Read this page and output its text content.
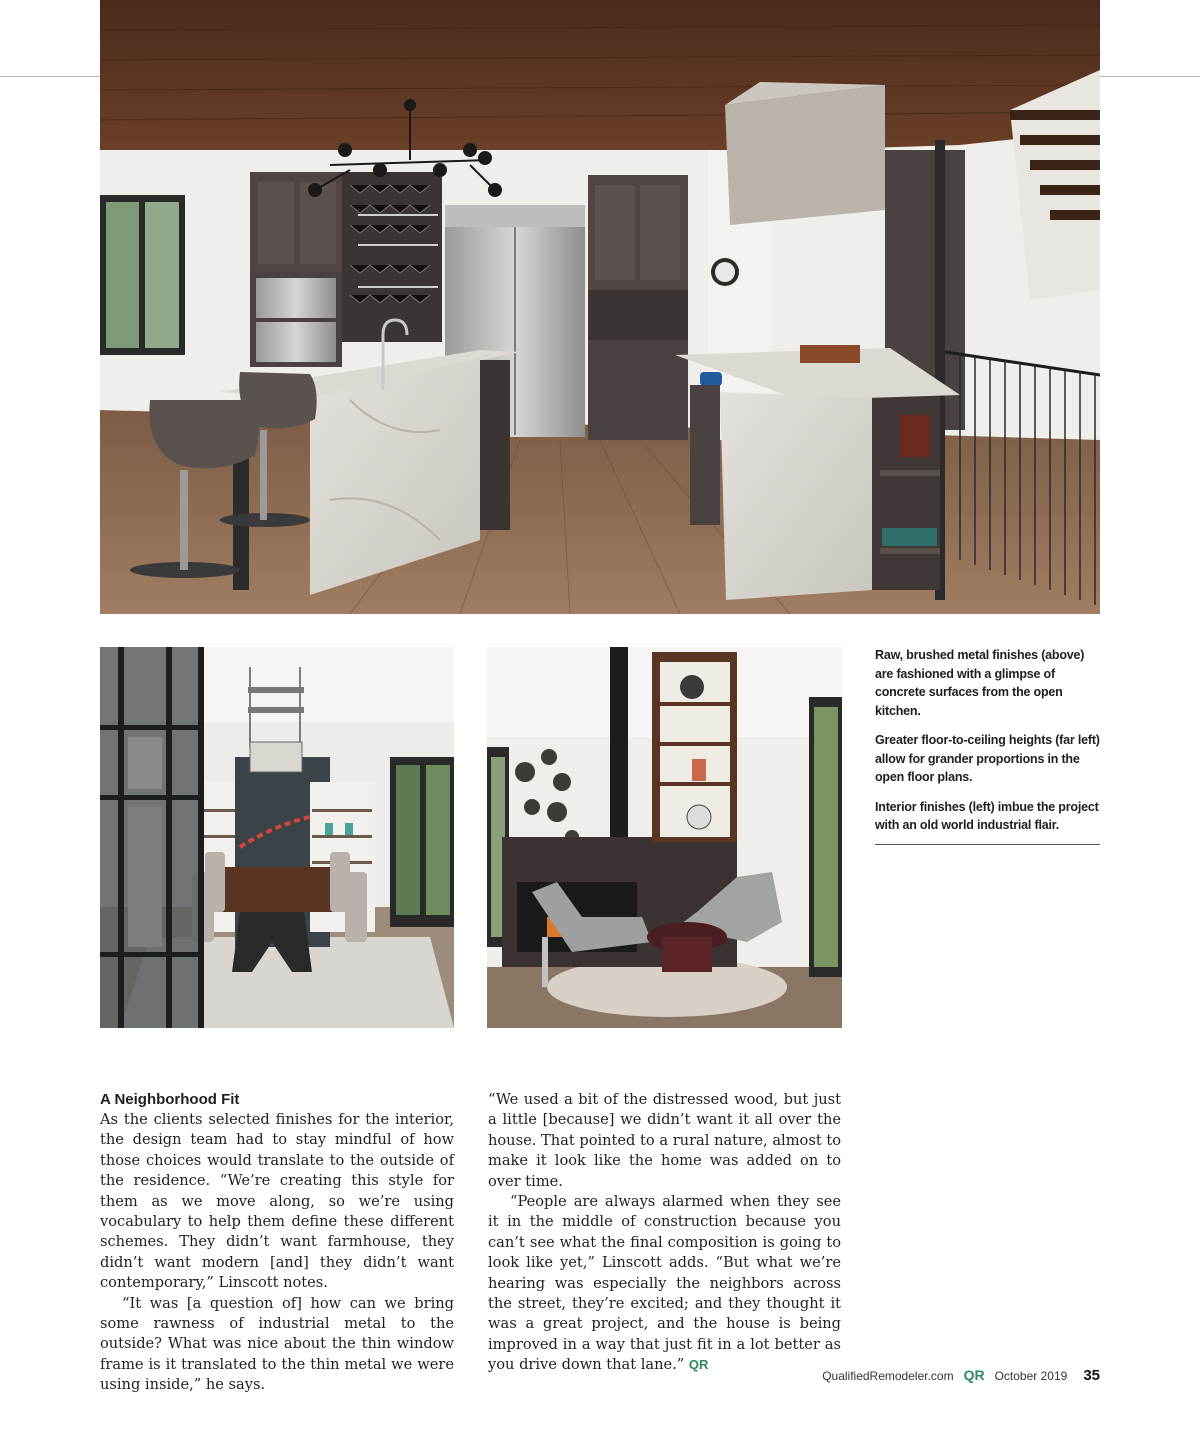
Raw, brushed metal finishes (above) are fashioned with a glimpse of concrete surfaces from the open kitchen.

Greater floor-to-ceiling heights (far left) allow for grander proportions in the open floor plans.

Interior finishes (left) imbue the project with an old world industrial flair.

A Neighborhood Fit

As the clients selected finishes for the interior, the design team had to stay mindful of how those choices would translate to the outside of the residence. “We’re creating this style for them as we move along, so we’re using vocabulary to help them define these different schemes. They didn’t want farmhouse, they didn’t want modern [and] they didn’t want contemporary,” Linscott notes.

“It was [a question of] how can we bring some rawness of industrial metal to the outside? What was nice about the thin window frame is it translated to the thin metal we were using inside,” he says.

“We used a bit of the distressed wood, but just a little [because] we didn’t want it all over the house. That pointed to a rural nature, almost to make it look like the home was added on to over time.

“People are always alarmed when they see it in the middle of construction because you can’t see what the final composition is going to look like yet,” Linscott adds. “But what we’re hearing was especially the neighbors across the street, they’re excited; and they thought it was a great project, and the house is being improved in a way that just fit in a lot better as you drive down that lane.” QR

QualifiedRemodeler.com QR October 2019 35
